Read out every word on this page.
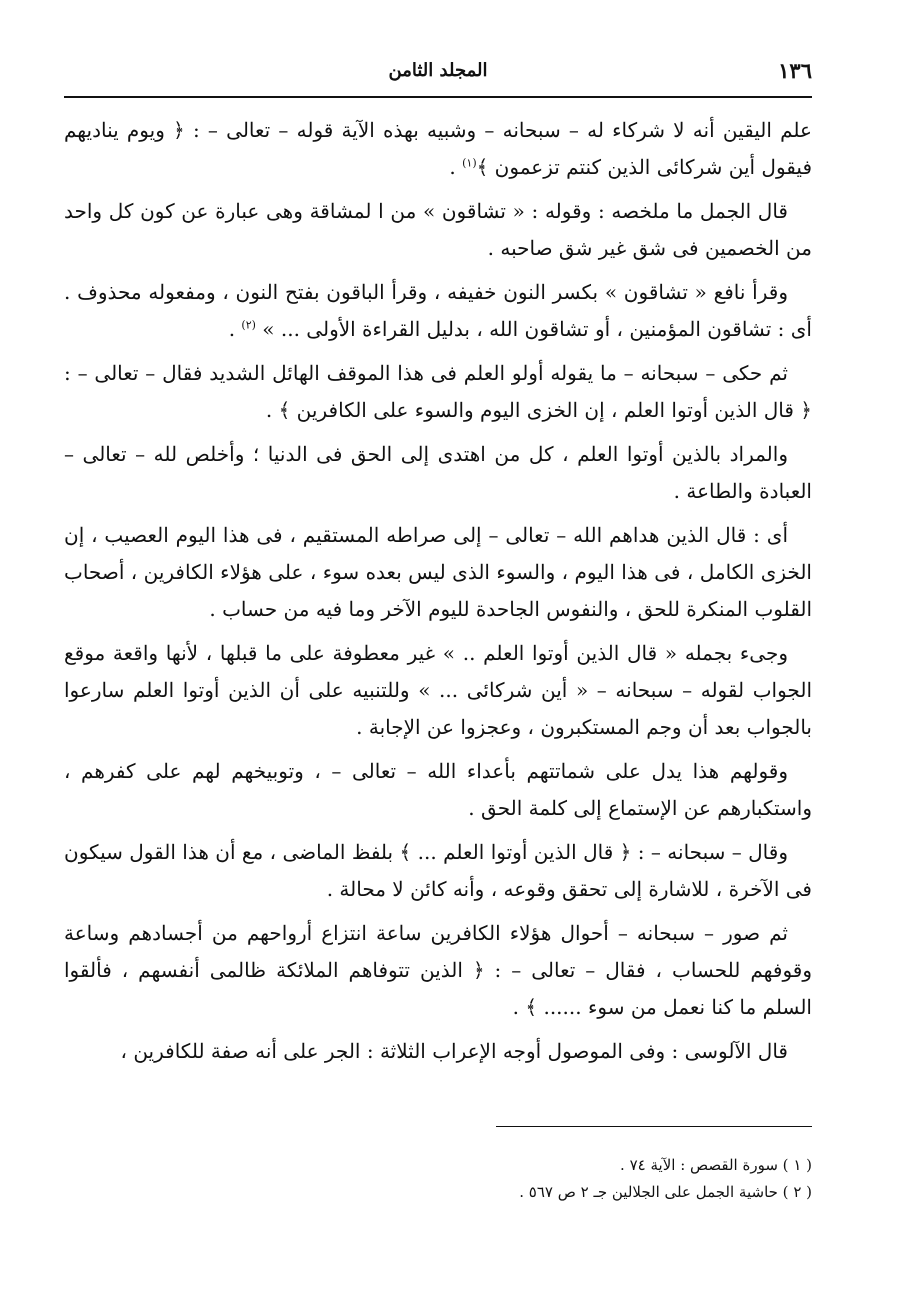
١٣٦
المجلد الثامن

علم اليقين أنه لا شركاء له – سبحانه – وشبيه بهذه الآية قوله – تعالى – : ﴿ ويوم يناديهم فيقول أين شركائى الذين كنتم تزعمون ﴾$^{(١)}$ .

قال الجمل ما ملخصه : وقوله : « تشاقون » من ا لمشاقة وهى عبارة عن كون كل واحد من الخصمين فى شق غير شق صاحبه .

وقرأ نافع « تشاقون » بكسر النون خفيفه ، وقرأ الباقون بفتح النون ، ومفعوله محذوف . أى : تشاقون المؤمنين ، أو تشاقون الله ، بدليل القراءة الأولى ... » $^{(٢)}$ .

ثم حكى – سبحانه – ما يقوله أولو العلم فى هذا الموقف الهائل الشديد فقال – تعالى – : ﴿ قال الذين أوتوا العلم ، إن الخزى اليوم والسوء على الكافرين ﴾ .

والمراد بالذين أوتوا العلم ، كل من اهتدى إلى الحق فى الدنيا ؛ وأخلص لله – تعالى – العبادة والطاعة .

أى : قال الذين هداهم الله – تعالى – إلى صراطه المستقيم ، فى هذا اليوم العصيب ، إن الخزى الكامل ، فى هذا اليوم ، والسوء الذى ليس بعده سوء ، على هؤلاء الكافرين ، أصحاب القلوب المنكرة للحق ، والنفوس الجاحدة لليوم الآخر وما فيه من حساب .

وجىء بجمله « قال الذين أوتوا العلم .. » غير معطوفة على ما قبلها ، لأنها واقعة موقع الجواب لقوله – سبحانه – « أين شركائى ... » وللتنبيه على أن الذين أوتوا العلم سارعوا بالجواب بعد أن وجم المستكبرون ، وعجزوا عن الإجابة .

وقولهم هذا يدل على شماتتهم بأعداء الله – تعالى – ، وتوبيخهم لهم على كفرهم ، واستكبارهم عن الإستماع إلى كلمة الحق .

وقال – سبحانه – : ﴿ قال الذين أوتوا العلم ... ﴾ بلفظ الماضى ، مع أن هذا القول سيكون فى الآخرة ، للاشارة إلى تحقق وقوعه ، وأنه كائن لا محالة .

ثم صور – سبحانه – أحوال هؤلاء الكافرين ساعة انتزاع أرواحهم من أجسادهم وساعة وقوفهم للحساب ، فقال – تعالى – : ﴿ الذين تتوفاهم الملائكة ظالمى أنفسهم ، فألقوا السلم ما كنا نعمل من سوء ...... ﴾ .

قال الآلوسى : وفى الموصول أوجه الإعراب الثلاثة : الجر على أنه صفة للكافرين ،

( ١ ) سورة القصص : الآية ٧٤ .

( ٢ ) حاشية الجمل على الجلالين جـ ٢ ص ٥٦٧ .
